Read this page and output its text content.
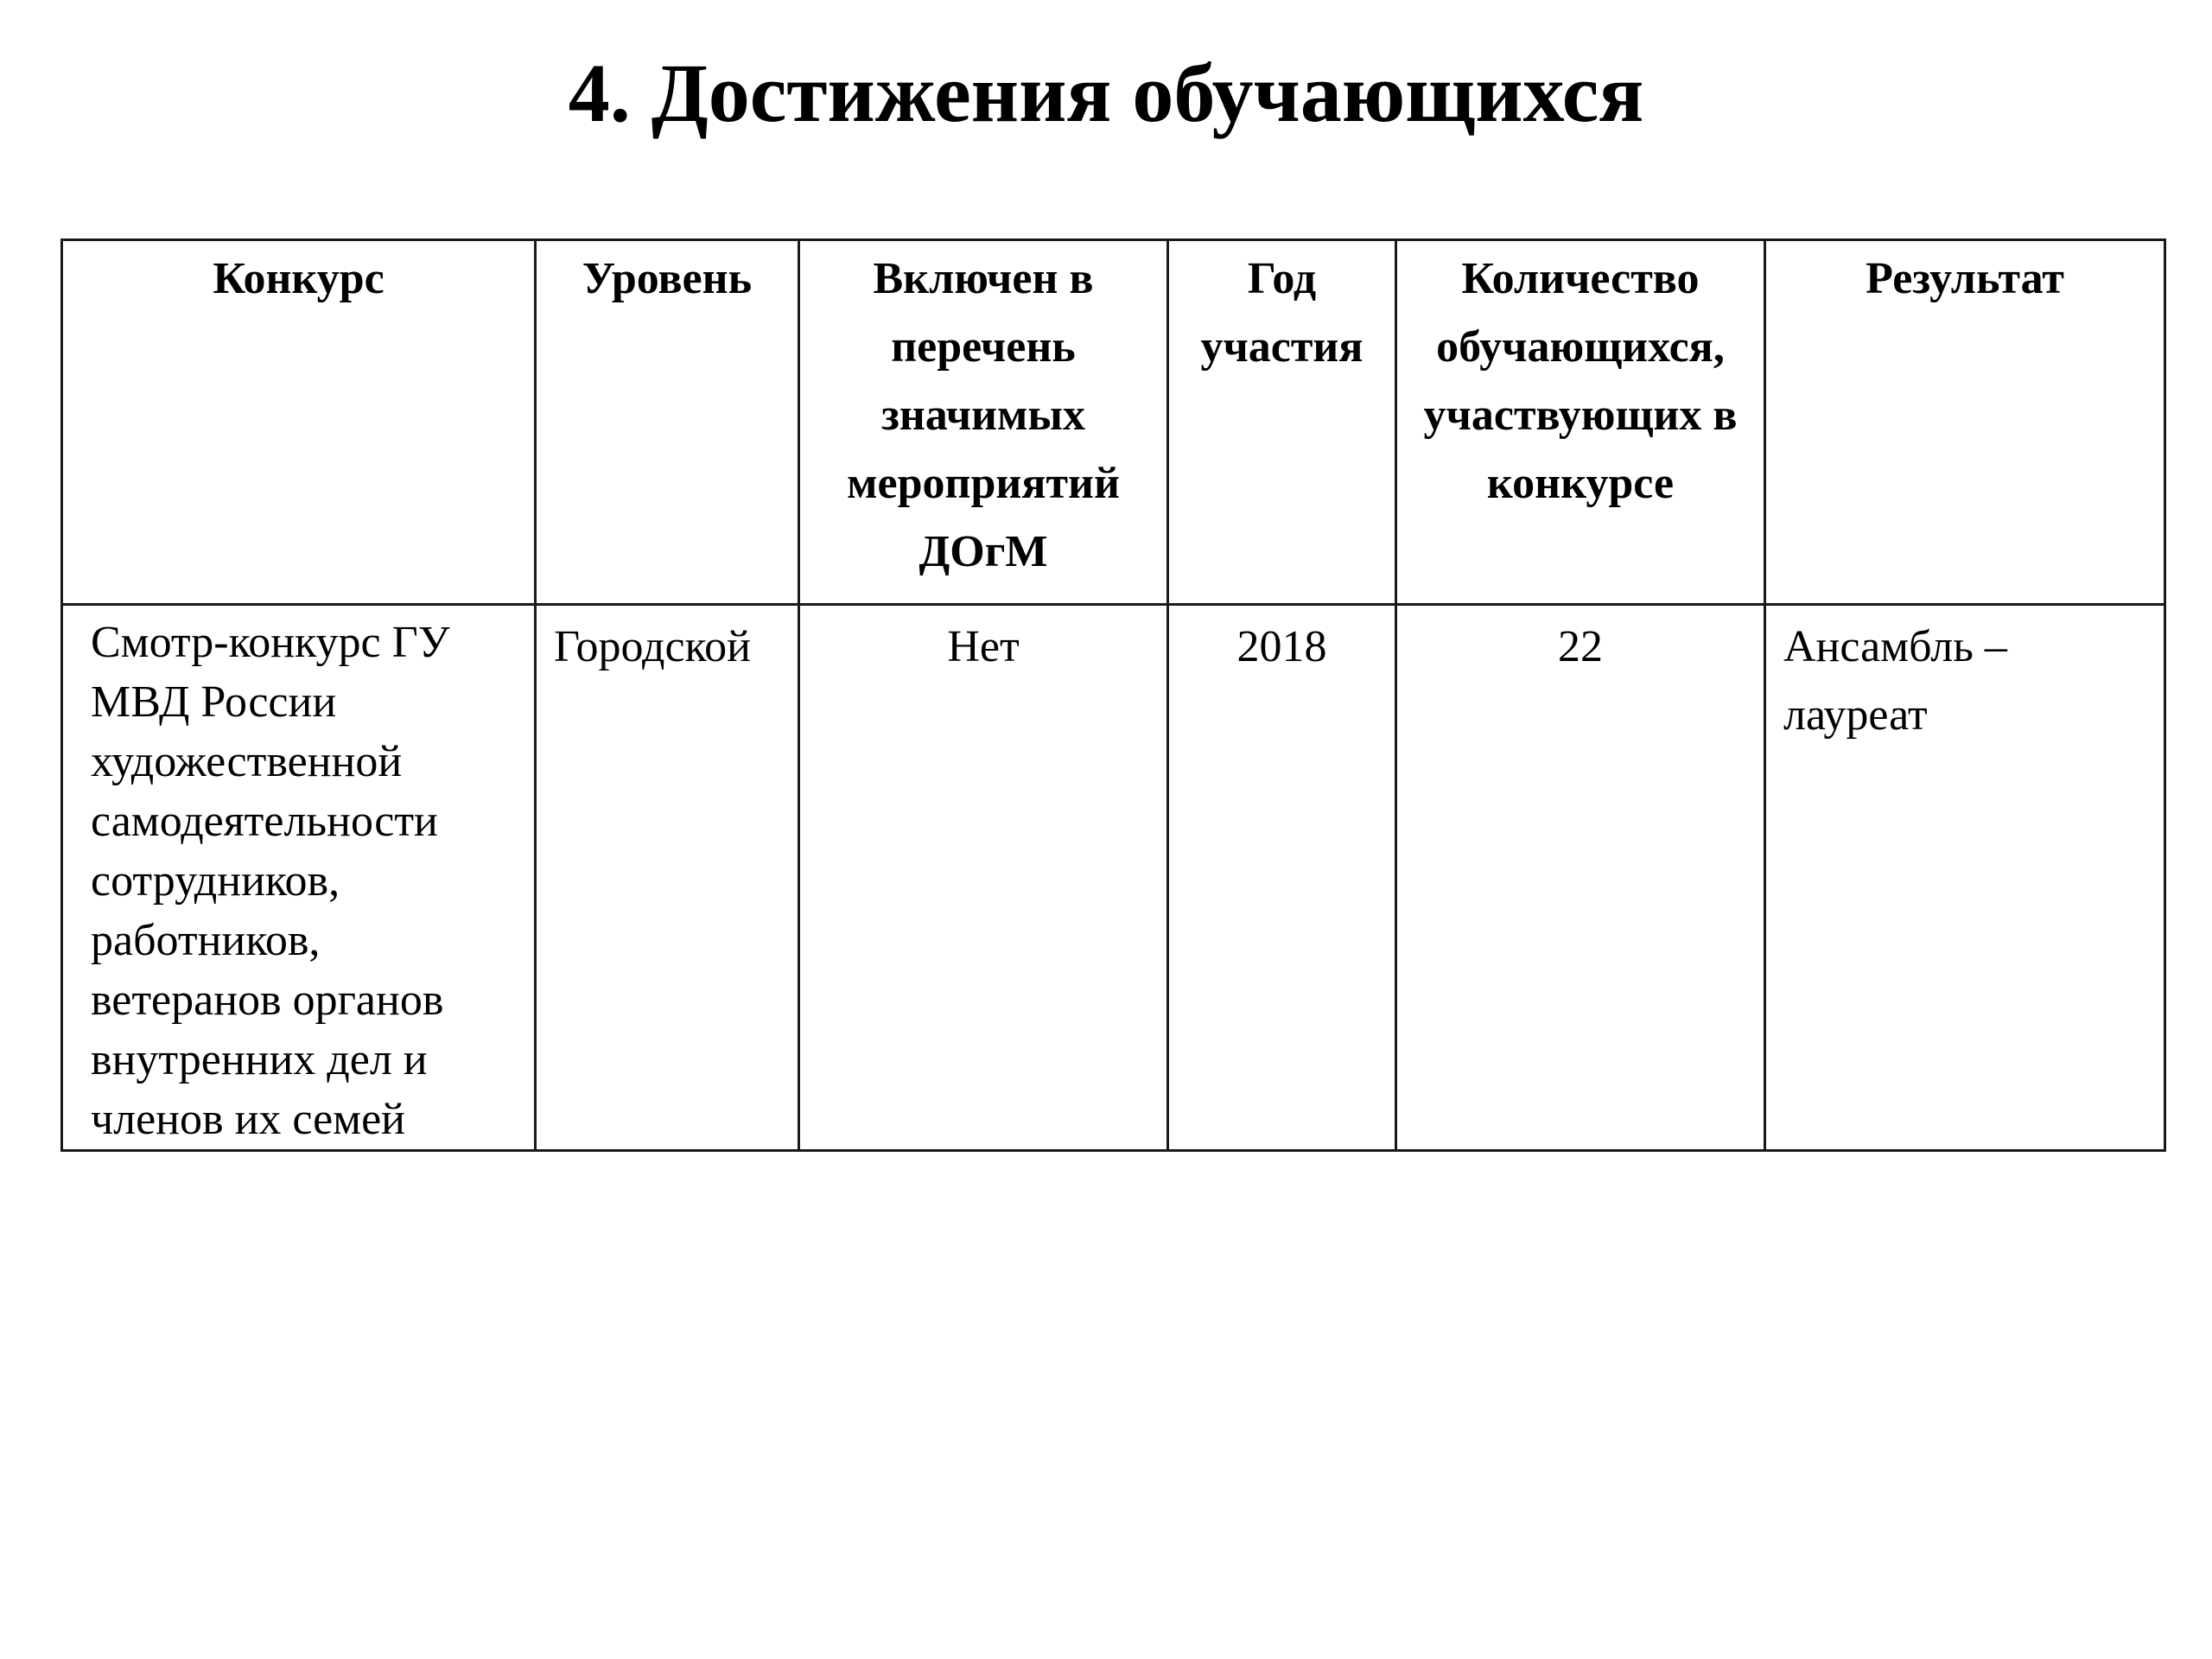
4. Достижения обучающихся
Конкурс	Уровень	Включен в перечень значимых мероприятий ДОгМ	Год участия	Количество обучающихся, участвующих в конкурсе	Результат
Смотр-конкурс ГУ МВД России художественной самодеятельности сотрудников, работников, ветеранов органов внутренних дел и членов их семей	Городской	Нет	2018	22	Ансамбль – лауреат
